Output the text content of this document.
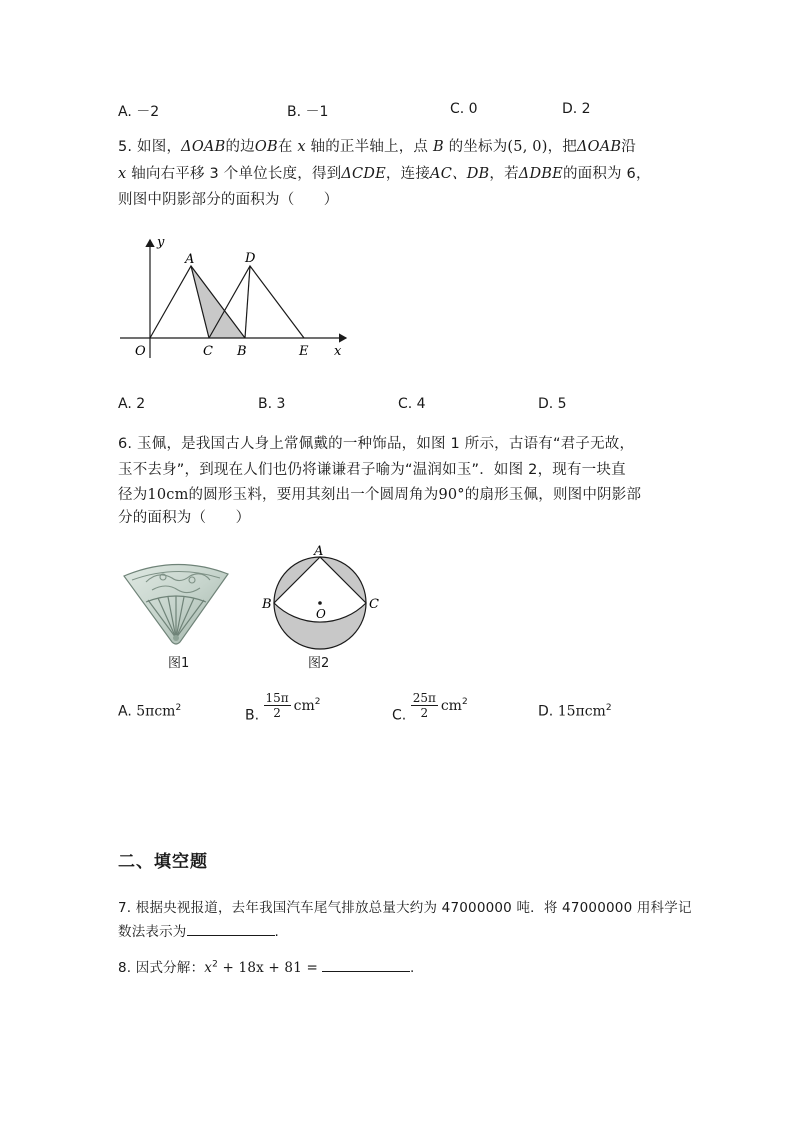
A. －2	B. －1	C. 0	D. 2
5. 如图，ΔOAB的边OB在 x 轴的正半轴上，点 B 的坐标为(5, 0)，把ΔOAB沿
x 轴向右平移 3 个单位长度，得到ΔCDE，连接AC、DB，若ΔDBE的面积为 6，
则图中阴影部分的面积为（　　）
y
A	D
O	C B	E x
A. 2	B. 3	C. 4	D. 5
6. 玉佩，是我国古人身上常佩戴的一种饰品，如图 1 所示，古语有“君子无故，
玉不去身”，到现在人们也仍将谦谦君子喻为“温润如玉”．如图 2，现有一块直
径为10cm的圆形玉料，要用其刻出一个圆周角为90°的扇形玉佩，则图中阴影部
分的面积为（　　）
图1
A
B	C
O
图2
A. 5πcm$^2$	B. $\frac{15\pi}{2} cm^2$
C. $\frac{25\pi}{2} cm^2$
D. 15πcm$^2$
二、填空题
7. 根据央视报道，去年我国汽车尾气排放总量大约为 47000000 吨．将 47000000 用科学记
数法表示为	.
8. 因式分解：$x^2 + 18x + 81$ =	.
